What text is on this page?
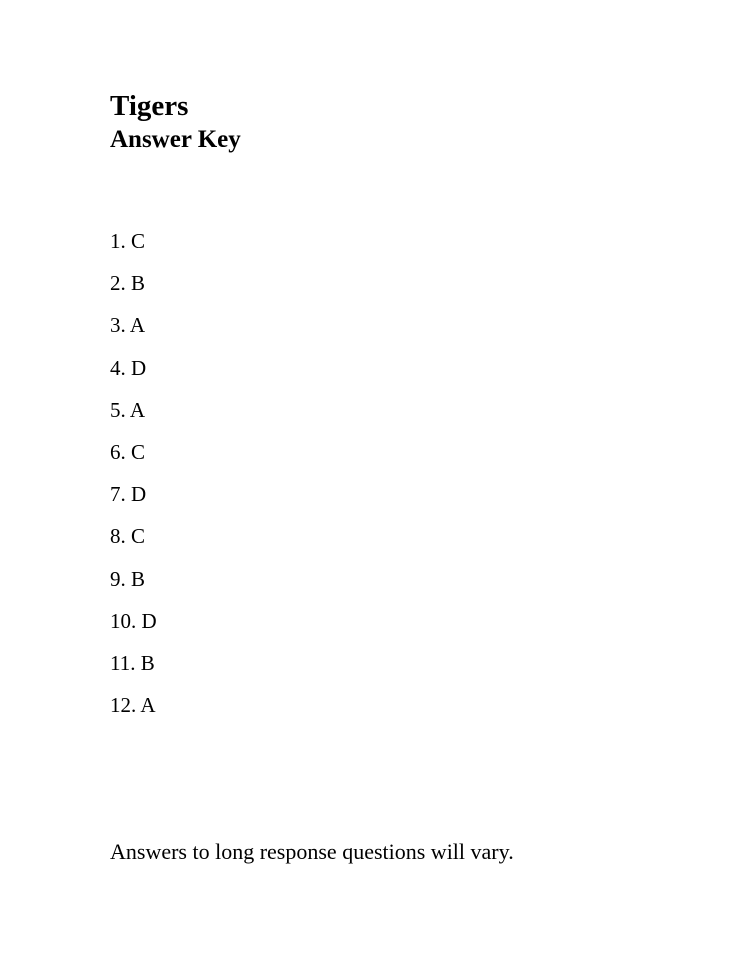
Tigers
Answer Key
1. C
2. B
3. A
4. D
5. A
6. C
7. D
8. C
9. B
10. D
11. B
12. A

Answers to long response questions will vary.
